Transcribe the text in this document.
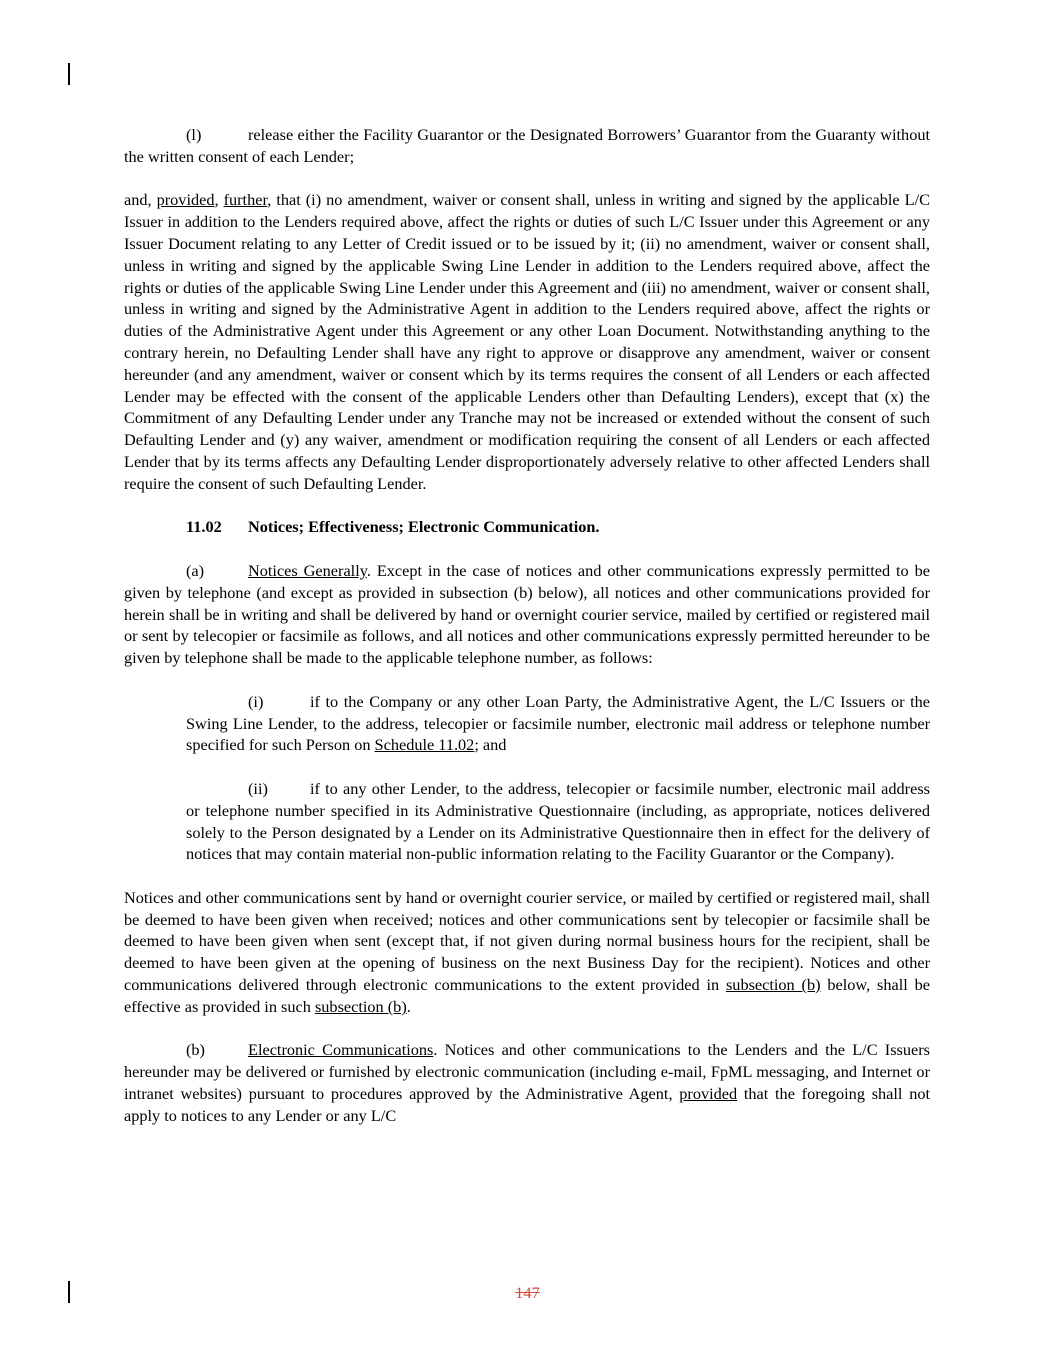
(l)	release either the Facility Guarantor or the Designated Borrowers’ Guarantor from the Guaranty without the written consent of each Lender;

and, provided, further, that (i) no amendment, waiver or consent shall, unless in writing and signed by the applicable L/C Issuer in addition to the Lenders required above, affect the rights or duties of such L/C Issuer under this Agreement or any Issuer Document relating to any Letter of Credit issued or to be issued by it; (ii) no amendment, waiver or consent shall, unless in writing and signed by the applicable Swing Line Lender in addition to the Lenders required above, affect the rights or duties of the applicable Swing Line Lender under this Agreement and (iii) no amendment, waiver or consent shall, unless in writing and signed by the Administrative Agent in addition to the Lenders required above, affect the rights or duties of the Administrative Agent under this Agreement or any other Loan Document. Notwithstanding anything to the contrary herein, no Defaulting Lender shall have any right to approve or disapprove any amendment, waiver or consent hereunder (and any amendment, waiver or consent which by its terms requires the consent of all Lenders or each affected Lender may be effected with the consent of the applicable Lenders other than Defaulting Lenders), except that (x) the Commitment of any Defaulting Lender under any Tranche may not be increased or extended without the consent of such Defaulting Lender and (y) any waiver, amendment or modification requiring the consent of all Lenders or each affected Lender that by its terms affects any Defaulting Lender disproportionately adversely relative to other affected Lenders shall require the consent of such Defaulting Lender.

11.02 Notices; Effectiveness; Electronic Communication.

(a)	Notices Generally. Except in the case of notices and other communications expressly permitted to be given by telephone (and except as provided in subsection (b) below), all notices and other communications provided for herein shall be in writing and shall be delivered by hand or overnight courier service, mailed by certified or registered mail or sent by telecopier or facsimile as follows, and all notices and other communications expressly permitted hereunder to be given by telephone shall be made to the applicable telephone number, as follows:

(i)	if to the Company or any other Loan Party, the Administrative Agent, the L/C Issuers or the Swing Line Lender, to the address, telecopier or facsimile number, electronic mail address or telephone number specified for such Person on Schedule 11.02; and

(ii)	if to any other Lender, to the address, telecopier or facsimile number, electronic mail address or telephone number specified in its Administrative Questionnaire (including, as appropriate, notices delivered solely to the Person designated by a Lender on its Administrative Questionnaire then in effect for the delivery of notices that may contain material non-public information relating to the Facility Guarantor or the Company).

Notices and other communications sent by hand or overnight courier service, or mailed by certified or registered mail, shall be deemed to have been given when received; notices and other communications sent by telecopier or facsimile shall be deemed to have been given when sent (except that, if not given during normal business hours for the recipient, shall be deemed to have been given at the opening of business on the next Business Day for the recipient). Notices and other communications delivered through electronic communications to the extent provided in subsection (b) below, shall be effective as provided in such subsection (b).

(b)	Electronic Communications. Notices and other communications to the Lenders and the L/C Issuers hereunder may be delivered or furnished by electronic communication (including e-mail, FpML messaging, and Internet or intranet websites) pursuant to procedures approved by the Administrative Agent, provided that the foregoing shall not apply to notices to any Lender or any L/C

147
